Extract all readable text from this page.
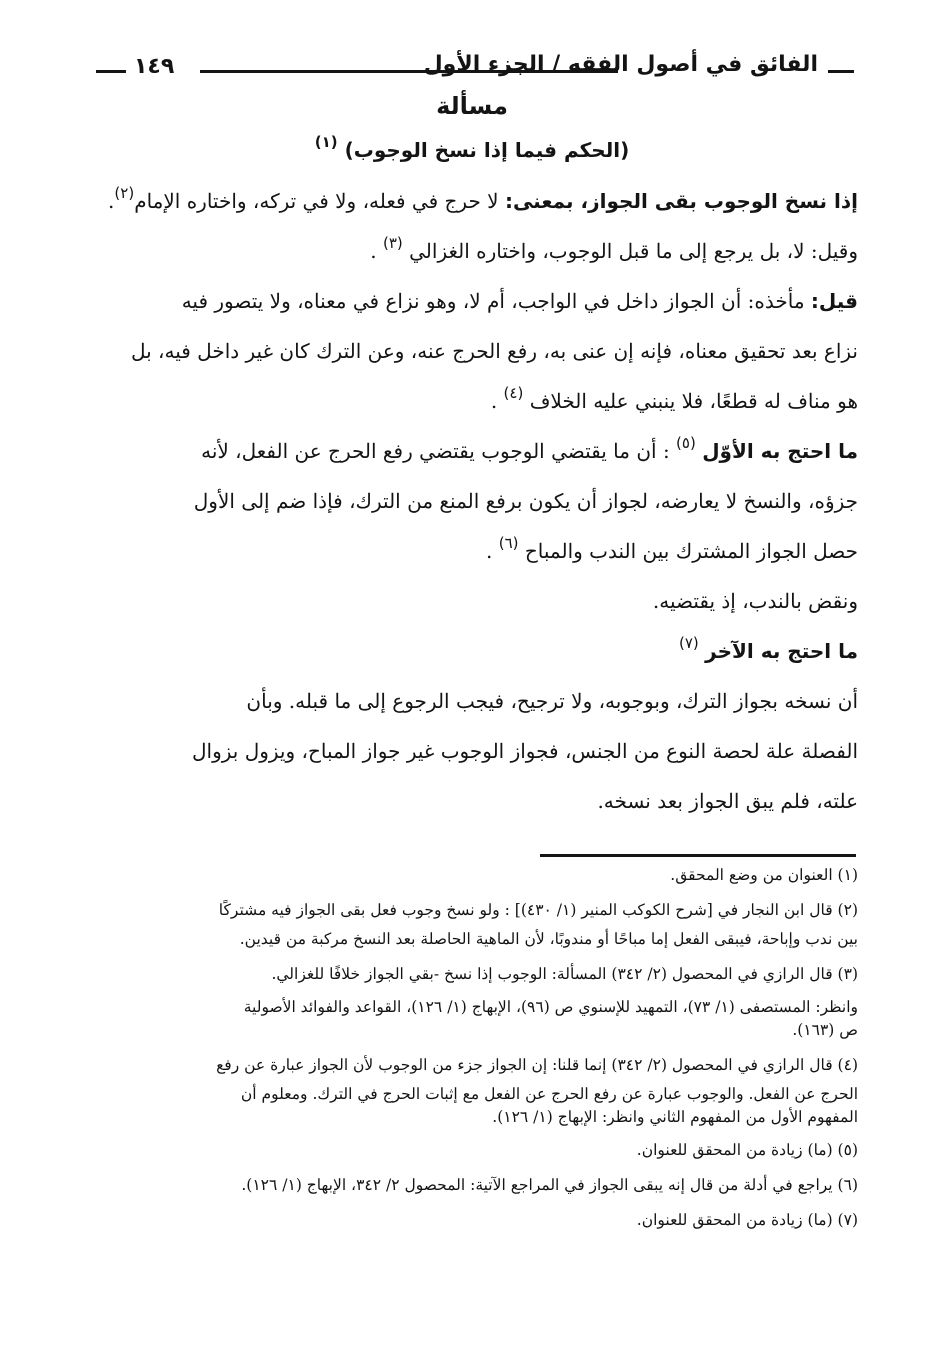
١٤٩	الفائق في أصول الفقه / الجزء الأول
مسألة
(الحكم فيما إذا نسخ الوجوب) $^{(١)}$

إذا نسخ الوجوب بقى الجواز، بمعنى: لا حرج في فعله، ولا في تركه، واختاره الإمام$^{(٢)}$.

وقيل: لا، بل يرجع إلى ما قبل الوجوب، واختاره الغزالي $^{(٣)}$ .

قيل: مأخذه: أن الجواز داخل في الواجب، أم لا، وهو نزاع في معناه، ولا يتصور فيه
نزاع بعد تحقيق معناه، فإنه إن عنى به، رفع الحرج عنه، وعن الترك كان غير داخل فيه، بل
هو مناف له قطعًا، فلا ينبني عليه الخلاف $^{(٤)}$ .

ما احتج به الأوّل $^{(٥)}$ : أن ما يقتضي الوجوب يقتضي رفع الحرج عن الفعل، لأنه
جزؤه، والنسخ لا يعارضه، لجواز أن يكون برفع المنع من الترك، فإذا ضم إلى الأول
حصل الجواز المشترك بين الندب والمباح $^{(٦)}$ .

ونقض بالندب، إذ يقتضيه.

ما احتج به الآخر $^{(٧)}$

أن نسخه بجواز الترك، وبوجوبه، ولا ترجيح، فيجب الرجوع إلى ما قبله. وبأن
الفصلة علة لحصة النوع من الجنس، فجواز الوجوب غير جواز المباح، ويزول بزوال
علته، فلم يبق الجواز بعد نسخه.

(١) العنوان من وضع المحقق.
(٢) قال ابن النجار في [شرح الكوكب المنير (١/ ٤٣٠)] : ولو نسخ وجوب فعل بقى الجواز فيه مشتركًا
بين ندب وإباحة، فيبقى الفعل إما مباحًا أو مندوبًا، لأن الماهية الحاصلة بعد النسخ مركبة من قيدين.
(٣) قال الرازي في المحصول (٢/ ٣٤٢) المسألة: الوجوب إذا نسخ -بقي الجواز خلافًا للغزالي.
وانظر: المستصفى (١/ ٧٣)، التمهيد للإسنوي ص (٩٦)، الإبهاج (١/ ١٢٦)، القواعد والفوائد الأصولية
ص (١٦٣).
(٤) قال الرازي في المحصول (٢/ ٣٤٢) إنما قلنا: إن الجواز جزء من الوجوب لأن الجواز عبارة عن رفع
الحرج عن الفعل. والوجوب عبارة عن رفع الحرج عن الفعل مع إثبات الحرج في الترك. ومعلوم أن
المفهوم الأول من المفهوم الثاني وانظر: الإبهاج (١/ ١٢٦).
(٥) (ما) زيادة من المحقق للعنوان.
(٦) يراجع في أدلة من قال إنه يبقى الجواز في المراجع الآتية: المحصول ٢/ ٣٤٢، الإبهاج (١/ ١٢٦).
(٧) (ما) زيادة من المحقق للعنوان.
